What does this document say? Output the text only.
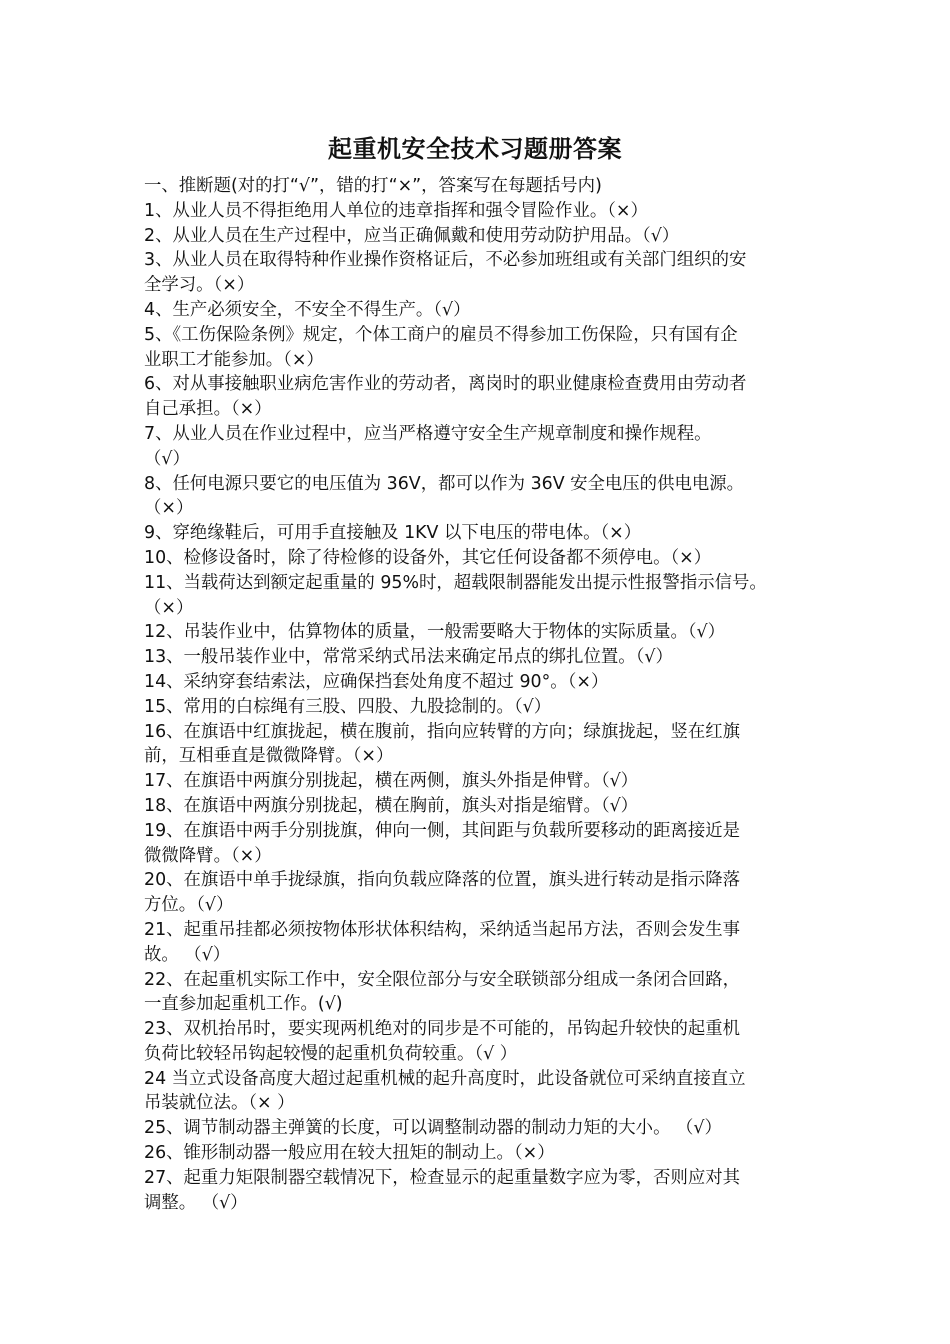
起重机安全技术习题册答案
一、推断题(对的打“√”，错的打“×”，答案写在每题括号内)
1、从业人员不得拒绝用人单位的违章指挥和强令冒险作业。（×）
2、从业人员在生产过程中，应当正确佩戴和使用劳动防护用品。（√）
3、从业人员在取得特种作业操作资格证后，不必参加班组或有关部门组织的安
全学习。（×）
4、生产必须安全，不安全不得生产。（√）
5、《工伤保险条例》规定，个体工商户的雇员不得参加工伤保险，只有国有企
业职工才能参加。（×）
6、对从事接触职业病危害作业的劳动者，离岗时的职业健康检查费用由劳动者
自己承担。（×）
7、从业人员在作业过程中，应当严格遵守安全生产规章制度和操作规程。
（√）
8、任何电源只要它的电压值为 36V，都可以作为 36V 安全电压的供电电源。
（×）
9、穿绝缘鞋后，可用手直接触及 1KV 以下电压的带电体。（×）
10、检修设备时，除了待检修的设备外，其它任何设备都不须停电。（×）
11、当载荷达到额定起重量的 95%时，超载限制器能发出提示性报警指示信号。
（×）
12、吊装作业中，估算物体的质量，一般需要略大于物体的实际质量。（√）
13、一般吊装作业中，常常采纳式吊法来确定吊点的绑扎位置。（√）
14、采纳穿套结索法，应确保挡套处角度不超过 90°。（×）
15、常用的白棕绳有三股、四股、九股捻制的。（√）
16、在旗语中红旗拢起，横在腹前，指向应转臂的方向；绿旗拢起，竖在红旗
前，互相垂直是微微降臂。（×）
17、在旗语中两旗分别拢起，横在两侧，旗头外指是伸臂。（√）
18、在旗语中两旗分别拢起，横在胸前，旗头对指是缩臂。（√）
19、在旗语中两手分别拢旗，伸向一侧，其间距与负载所要移动的距离接近是
微微降臂。（×）
20、在旗语中单手拢绿旗，指向负载应降落的位置，旗头进行转动是指示降落
方位。（√）
21、起重吊挂都必须按物体形状体积结构，采纳适当起吊方法，否则会发生事
故。 （√）
22、在起重机实际工作中，安全限位部分与安全联锁部分组成一条闭合回路，
一直参加起重机工作。(√)
23、双机抬吊时，要实现两机绝对的同步是不可能的，吊钩起升较快的起重机
负荷比较轻吊钩起较慢的起重机负荷较重。（√ ）
24 当立式设备高度大超过起重机械的起升高度时，此设备就位可采纳直接直立
吊装就位法。（× ）
25、调节制动器主弹簧的长度，可以调整制动器的制动力矩的大小。 （√）
26、锥形制动器一般应用在较大扭矩的制动上。（×）
27、起重力矩限制器空载情况下，检查显示的起重量数字应为零，否则应对其
调整。 （√）
